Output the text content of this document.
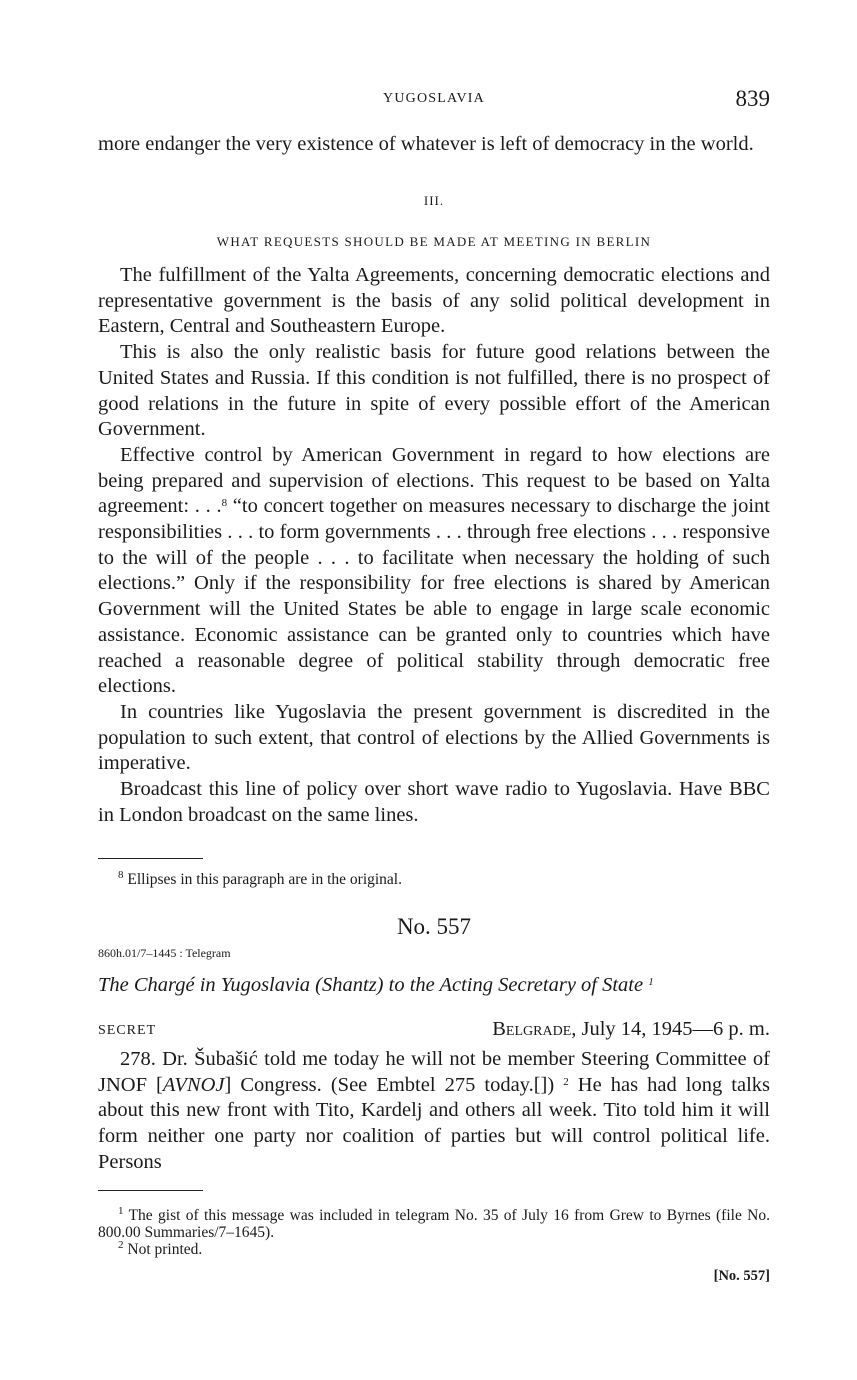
YUGOSLAVIA	839

more endanger the very existence of whatever is left of democracy in the world.

III.
WHAT REQUESTS SHOULD BE MADE AT MEETING IN BERLIN

The fulfillment of the Yalta Agreements, concerning democratic elections and representative government is the basis of any solid political development in Eastern, Central and Southeastern Europe.

This is also the only realistic basis for future good relations between the United States and Russia. If this condition is not fulfilled, there is no prospect of good relations in the future in spite of every possible effort of the American Government.

Effective control by American Government in regard to how elections are being prepared and supervision of elections. This request to be based on Yalta agreement: . . .$^8$ “to concert together on measures necessary to discharge the joint responsibilities . . . to form governments . . . through free elections . . . responsive to the will of the people . . . to facilitate when necessary the holding of such elections.” Only if the responsibility for free elections is shared by American Government will the United States be able to engage in large scale economic assistance. Economic assistance can be granted only to countries which have reached a reasonable degree of political stability through democratic free elections.

In countries like Yugoslavia the present government is discredited in the population to such extent, that control of elections by the Allied Governments is imperative.

Broadcast this line of policy over short wave radio to Yugoslavia. Have BBC in London broadcast on the same lines.

$^8$ Ellipses in this paragraph are in the original.

No. 557
860h.01/7–1445 : Telegram
The Chargé in Yugoslavia (Shantz) to the Acting Secretary of State $^1$
SECRET	Belgrade, July 14, 1945—6 p. m.

278. Dr. Šubašić told me today he will not be member Steering Committee of JNOF [AVNOJ] Congress. (See Embtel 275 today.[]) $^2$ He has had long talks about this new front with Tito, Kardelj and others all week. Tito told him it will form neither one party nor coalition of parties but will control political life. Persons

$^1$ The gist of this message was included in telegram No. 35 of July 16 from Grew to Byrnes (file No. 800.00 Summaries/7–1645).

$^2$ Not printed.

[No. 557]
